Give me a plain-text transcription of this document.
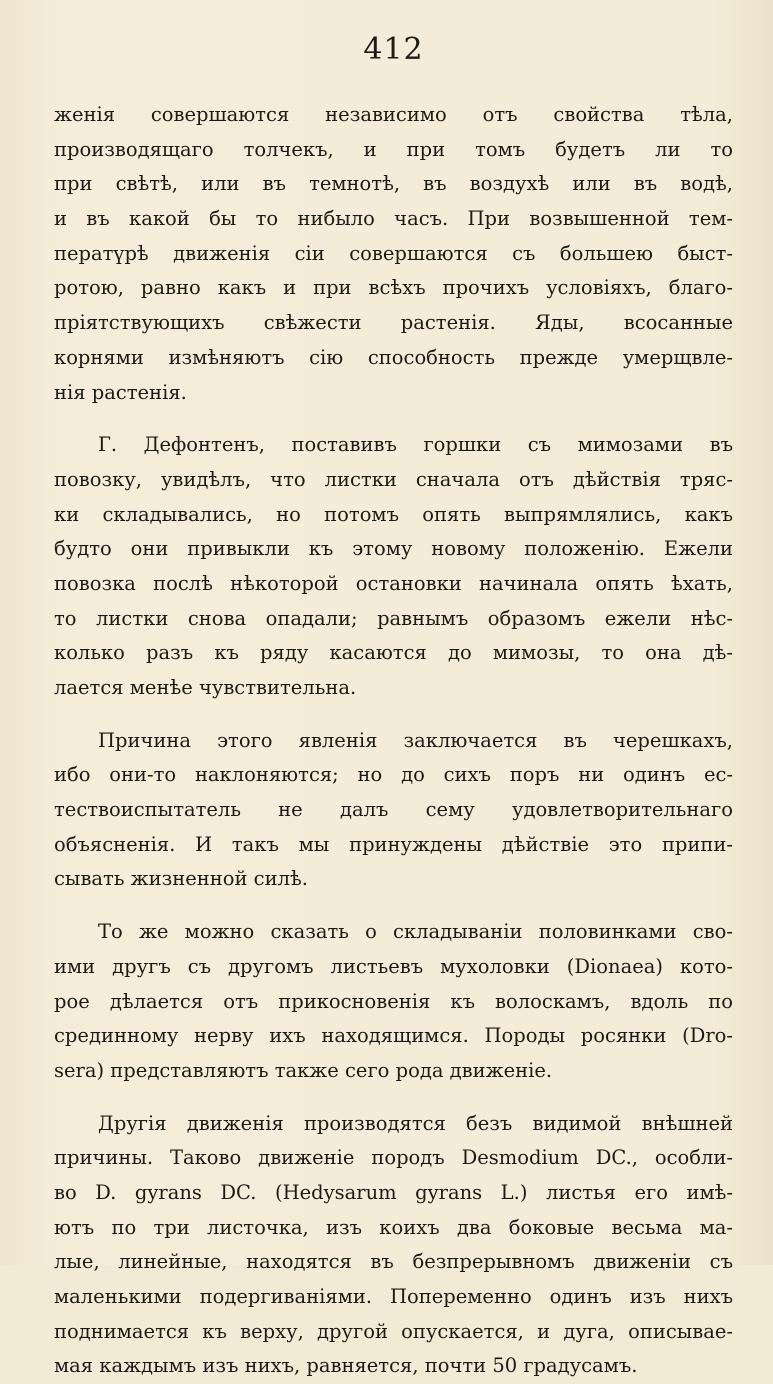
412
женія совершаются независимо отъ свойства тѣла,
производящаго толчекъ, и при томъ будетъ ли то
при свѣтѣ, или въ темнотѣ, въ воздухѣ или въ водѣ,
и въ какой бы то нибыло часъ. При возвышенной тем-
ператүрѣ движенія сіи совершаются съ большею быст-
ротою, равно какъ и при всѣхъ прочихъ условіяхъ, благо-
пріятствующихъ свѣжести растенія. Яды, всосанные
корнями измѣняютъ сію способность прежде умерщвле-
нія растенія.
Г. Дефонтенъ, поставивъ горшки съ мимозами въ
повозку, увидѣлъ, что листки сначала отъ дѣйствія тряс-
ки складывались, но потомъ опять выпрямлялись, какъ
будто они привыкли къ этому новому положенію. Ежели
повозка послѣ нѣкоторой остановки начинала опять ѣхать,
то листки снова опадали; равнымъ образомъ ежели нѣс-
колько разъ къ ряду касаются до мимозы, то она дѣ-
лается менѣе чувствительна.
Причина этого явленія заключается въ черешкахъ,
ибо они-то наклоняются; но до сихъ поръ ни одинъ ес-
тествоиспытатель не далъ сему удовлетворительнаго
объясненія. И такъ мы принуждены дѣйствіе это припи-
сывать жизненной силѣ.
То же можно сказать о складываніи половинками сво-
ими другъ съ другомъ листьевъ мухоловки (Dionaea) кото-
рое дѣлается отъ прикосновенія къ волоскамъ, вдоль по
срединному нерву ихъ находящимся. Породы росянки (Dro-
sera) представляютъ также сего рода движеніе.
Другія движенія производятся безъ видимой внѣшней
причины. Таково движеніе породъ Desmodium DC., особли-
во D. gyrans DC. (Hedysarum gyrans L.) листья его имѣ-
ютъ по три листочка, изъ коихъ два боковые весьма ма-
лые, линейные, находятся въ безпрерывномъ движеніи съ
маленькими подергиваніями. Попеременно одинъ изъ нихъ
поднимается къ верху, другой опускается, и дуга, описывае-
мая каждымъ изъ нихъ, равняется, почти 50 градусамъ.
